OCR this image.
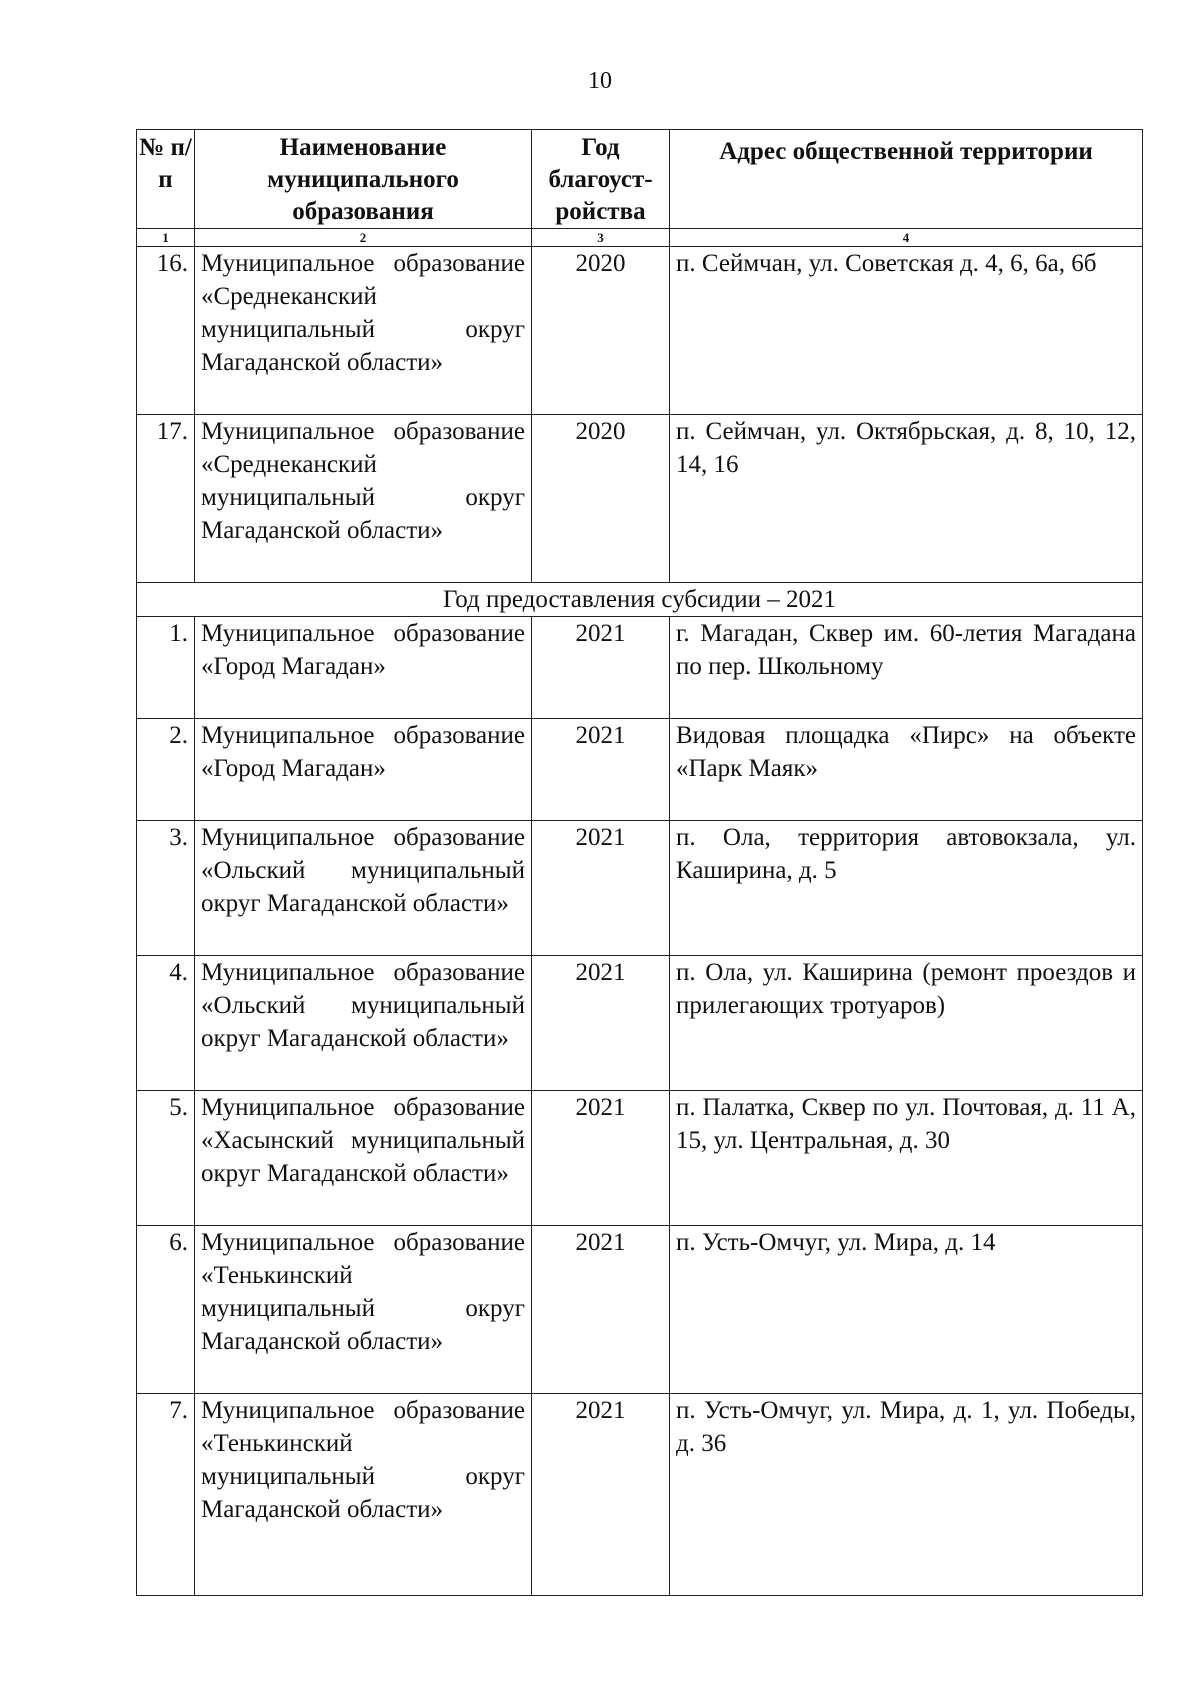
10
№ п/п	Наименование муниципального образования	Год благоуст-ройства	Адрес общественной территории
1	2	3	4
16.	Муниципальное образование «Среднеканский муниципальный округ Магаданской области»	2020	п. Сеймчан, ул. Советская д. 4, 6, 6а, 6б
17.	Муниципальное образование «Среднеканский муниципальный округ Магаданской области»	2020	п. Сеймчан, ул. Октябрьская, д. 8, 10, 12, 14, 16
Год предоставления субсидии – 2021			
1.	Муниципальное образование «Город Магадан»	2021	г. Магадан, Сквер им. 60-летия Магадана по пер. Школьному
2.	Муниципальное образование «Город Магадан»	2021	Видовая площадка «Пирс» на объекте «Парк Маяк»
3.	Муниципальное образование «Ольский муниципальный округ Магаданской области»	2021	п. Ола, территория автовокзала, ул. Каширина, д. 5
4.	Муниципальное образование «Ольский муниципальный округ Магаданской области»	2021	п. Ола, ул. Каширина (ремонт проездов и прилегающих тротуаров)
5.	Муниципальное образование «Хасынский муниципальный округ Магаданской области»	2021	п. Палатка, Сквер по ул. Почтовая, д. 11 А, 15, ул. Центральная, д. 30
6.	Муниципальное образование «Тенькинский муниципальный округ Магаданской области»	2021	п. Усть-Омчуг, ул. Мира, д. 14
7.	Муниципальное образование «Тенькинский муниципальный округ Магаданской области»	2021	п. Усть-Омчуг, ул. Мира, д. 1, ул. Победы, д. 36
